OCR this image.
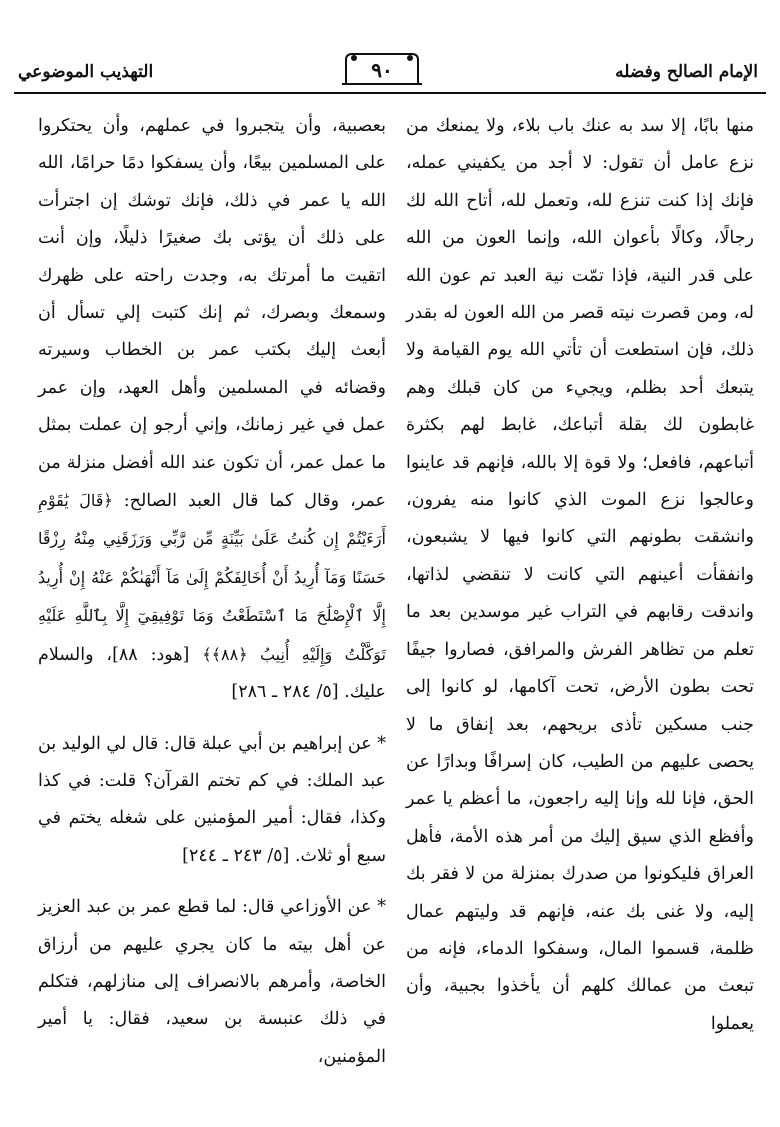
الإمام الصالح وفضله
٩٠
التهذيب الموضوعي

منها بابًا، إلا سد به عنك باب بلاء، ولا يمنعك من نزع عامل أن تقول: لا أجد من يكفيني عمله، فإنك إذا كنت تنزع لله، وتعمل لله، أتاح الله لك رجالًا، وكالًا بأعوان الله، وإنما العون من الله على قدر النية، فإذا تمّت نية العبد تم عون الله له، ومن قصرت نيته قصر من الله العون له بقدر ذلك، فإن استطعت أن تأتي الله يوم القيامة ولا يتبعك أحد بظلم، ويجيء من كان قبلك وهم غابطون لك بقلة أتباعك، غابط لهم بكثرة أتباعهم، فافعل؛ ولا قوة إلا بالله، فإنهم قد عاينوا وعالجوا نزع الموت الذي كانوا منه يفرون، وانشقت بطونهم التي كانوا فيها لا يشبعون، وانفقأت أعينهم التي كانت لا تنقضي لذاتها، واندقت رقابهم في التراب غير موسدين بعد ما تعلم من تظاهر الفرش والمرافق، فصاروا جيفًا تحت بطون الأرض، تحت آكامها، لو كانوا إلى جنب مسكين تأذى بريحهم، بعد إنفاق ما لا يحصى عليهم من الطيب، كان إسرافًا وبدارًا عن الحق، فإنا لله وإنا إليه راجعون، ما أعظم يا عمر وأفظع الذي سيق إليك من أمر هذه الأمة، فأهل العراق فليكونوا من صدرك بمنزلة من لا فقر بك إليه، ولا غنى بك عنه، فإنهم قد وليتهم عمال ظلمة، قسموا المال، وسفكوا الدماء، فإنه من تبعث من عمالك كلهم أن يأخذوا بجبية، وأن يعملوا

بعصبية، وأن يتجبروا في عملهم، وأن يحتكروا على المسلمين بيعًا، وأن يسفكوا دمًا حرامًا، الله الله يا عمر في ذلك، فإنك توشك إن اجترأت على ذلك أن يؤتى بك صغيرًا ذليلًا، وإن أنت اتقيت ما أمرتك به، وجدت راحته على ظهرك وسمعك وبصرك، ثم إنك كتبت إلي تسأل أن أبعث إليك بكتب عمر بن الخطاب وسيرته وقضائه في المسلمين وأهل العهد، وإن عمر عمل في غير زمانك، وإني أرجو إن عملت بمثل ما عمل عمر، أن تكون عند الله أفضل منزلة من عمر، وقال كما قال العبد الصالح: ﴿قَالَ يَٰقَوْمِ أَرَءَيْتُمْ إِن كُنتُ عَلَىٰ بَيِّنَةٍ مِّن رَّبِّي وَرَزَقَنِي مِنْهُ رِزْقًا حَسَنًا وَمَآ أُرِيدُ أَنْ أُخَالِفَكُمْ إِلَىٰ مَآ أَنْهَىٰكُمْ عَنْهُ إِنْ أُرِيدُ إِلَّا ٱلْإِصْلَٰحَ مَا ٱسْتَطَعْتُ وَمَا تَوْفِيقِيٓ إِلَّا بِٱللَّهِ عَلَيْهِ تَوَكَّلْتُ وَإِلَيْهِ أُنِيبُ ﴿٨٨﴾﴾ [هود: ٨٨]، والسلام عليك. [٥/ ٢٨٤ ـ ٢٨٦]

* عن إبراهيم بن أبي عبلة قال: قال لي الوليد بن عبد الملك: في كم تختم القرآن؟ قلت: في كذا وكذا، فقال: أمير المؤمنين على شغله يختم في سبع أو ثلاث. [٥/ ٢٤٣ ـ ٢٤٤]

* عن الأوزاعي قال: لما قطع عمر بن عبد العزيز عن أهل بيته ما كان يجري عليهم من أرزاق الخاصة، وأمرهم بالانصراف إلى منازلهم، فتكلم في ذلك عنبسة بن سعيد، فقال: يا أمير المؤمنين،
